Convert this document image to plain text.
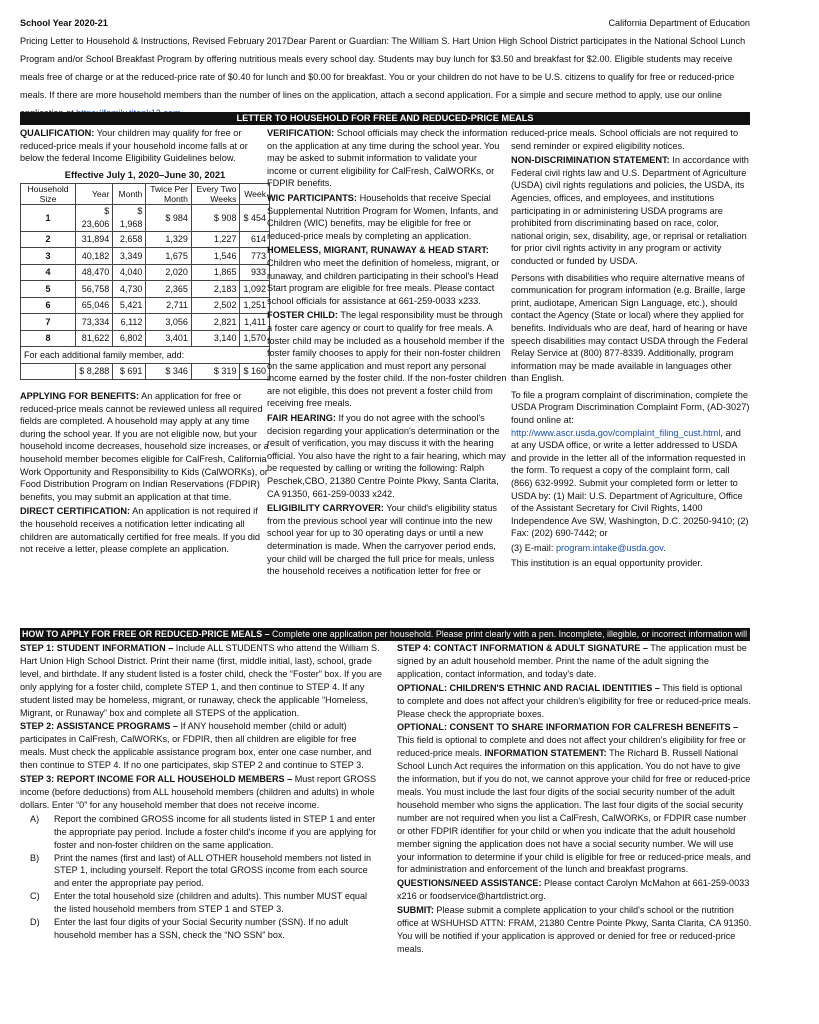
School Year 2020-21	California Department of Education

Pricing Letter to Household & Instructions, Revised February 2017Dear Parent or Guardian: The William S. Hart Union High School District participates in the National School Lunch Program and/or School Breakfast Program by offering nutritious meals every school day. Students may buy lunch for $3.50 and breakfast for $2.00. Eligible students may receive meals free of charge or at the reduced-price rate of $0.40 for lunch and $0.00 for breakfast. You or your children do not have to be U.S. citizens to qualify for free or reduced-price meals. If there are more household members than the number of lines on the application, attach a second application. For a simple and secure method to apply, use our online

LETTER TO HOUSEHOLD FOR FREE AND REDUCED-PRICE MEALS

QUALIFICATION: Your children may qualify for free or reduced-price meals if your household income falls at or below the federal Income Eligibility Guidelines below.

Effective July 1, 2020–June 30, 2021
Household Size	Year	Month	Twice Per Month	Every Two Weeks	Week
1	$ 23,606	$ 1,968	$ 984	$ 908	$ 454
2	31,894	2,658	1,329	1,227	614
3	40,182	3,349	1,675	1,546	773
4	48,470	4,040	2,020	1,865	933
5	56,758	4,730	2,365	2,183	1,092
6	65,046	5,421	2,711	2,502	1,251
7	73,334	6,112	3,056	2,821	1,411
8	81,622	6,802	3,401	3,140	1,570
For each additional family member, add:					
	$ 8,288	$ 691	$ 346	$ 319	$ 160

APPLYING FOR BENEFITS: An application for free or reduced-price meals cannot be reviewed unless all required fields are completed. A household may apply at any time during the school year. If you are not eligible now, but your household income decreases, household size increases, or a household member becomes eligible for CalFresh, California Work Opportunity and Responsibility to Kids (CalWORKs), or Food Distribution Program on Indian Reservations (FDPIR) benefits, you may submit an application at that time.

DIRECT CERTIFICATION: An application is not required if the household receives a notification letter indicating all children are automatically certified for free meals. If you did not receive a letter, please complete an application.

VERIFICATION: School officials may check the information on the application at any time during the school year. You may be asked to submit information to validate your income or current eligibility for CalFresh, CalWORKs, or FDPIR benefits.

WIC PARTICIPANTS: Households that receive Special Supplemental Nutrition Program for Women, Infants, and Children (WIC) benefits, may be eligible for free or reduced-price meals by completing an application.

HOMELESS, MIGRANT, RUNAWAY & HEAD START: Children who meet the definition of homeless, migrant, or runaway, and children participating in their school's Head Start program are eligible for free meals. Please contact school officials for assistance at 661-259-0033 x233.

FOSTER CHILD: The legal responsibility must be through a foster care agency or court to qualify for free meals. A foster child may be included as a household member if the foster family chooses to apply for their non-foster children on the same application and must report any personal income earned by the foster child. If the non-foster children are not eligible, this does not prevent a foster child from receiving free meals.

FAIR HEARING: If you do not agree with the school's decision regarding your application's determination or the result of verification, you may discuss it with the hearing official. You also have the right to a fair hearing, which may be requested by calling or writing the following: Ralph Peschek,CBO, 21380 Centre Pointe Pkwy, Santa Clarita, CA 91350, 661-259-0033 x242.

ELIGIBILITY CARRYOVER: Your child's eligibility status from the previous school year will continue into the new school year for up to 30 operating days or until a new determination is made. When the carryover period ends, your child will be charged the full price for meals, unless the household receives a notification letter for free or

reduced-price meals. School officials are not required to send reminder or expired eligibility notices.

NON-DISCRIMINATION STATEMENT: In accordance with Federal civil rights law and U.S. Department of Agriculture (USDA) civil rights regulations and policies, the USDA, its Agencies, offices, and employees, and institutions participating in or administering USDA programs are prohibited from discriminating based on race, color, national origin, sex, disability, age, or reprisal or retaliation for prior civil rights activity in any program or activity conducted or funded by USDA.

Persons with disabilities who require alternative means of communication for program information (e.g. Braille, large print, audiotape, American Sign Language, etc.), should contact the Agency (State or local) where they applied for benefits. Individuals who are deaf, hard of hearing or have speech disabilities may contact USDA through the Federal Relay Service at (800) 877-8339. Additionally, program information may be made available in languages other than English.

To file a program complaint of discrimination, complete the USDA Program Discrimination Complaint Form, (AD-3027) found online at: http://www.ascr.usda.gov/complaint_filing_cust.html, and at any USDA office, or write a letter addressed to USDA and provide in the letter all of the information requested in the form. To request a copy of the complaint form, call (866) 632-9992. Submit your completed form or letter to USDA by: (1) Mail: U.S. Department of Agriculture, Office of the Assistant Secretary for Civil Rights, 1400 Independence Ave SW, Washington, D.C. 20250-9410; (2) Fax: (202) 690-7442; or

(3) E-mail: program.intake@usda.gov.

This institution is an equal opportunity provider.

HOW TO APPLY FOR FREE OR REDUCED-PRICE MEALS – Complete one application per household. Please print clearly with a pen. Incomplete, illegible, or incorrect information will delay processing.

STEP 1: STUDENT INFORMATION – Include ALL STUDENTS who attend the William S. Hart Union High School District. Print their name (first, middle initial, last), school, grade level, and birthdate. If any student listed is a foster child, check the “Foster” box. If you are only applying for a foster child, complete STEP 1, and then continue to STEP 4. If any student listed may be homeless, migrant, or runaway, check the applicable “Homeless, Migrant, or Runaway” box and complete all STEPS of the application.

STEP 2: ASSISTANCE PROGRAMS – If ANY household member (child or adult) participates in CalFresh, CalWORKs, or FDPIR, then all children are eligible for free meals. Must check the applicable assistance program box, enter one case number, and then continue to STEP 4. If no one participates, skip STEP 2 and continue to STEP 3.

STEP 3: REPORT INCOME FOR ALL HOUSEHOLD MEMBERS – Must report GROSS income (before deductions) from ALL household members (children and adults) in whole dollars. Enter “0” for any household member that does not receive income.

A)	Report the combined GROSS income for all students listed in STEP 1 and enter the appropriate pay period. Include a foster child's income if you are applying for foster and non-foster children on the same application.
B)	Print the names (first and last) of ALL OTHER household members not listed in STEP 1, including yourself. Report the total GROSS income from each source and enter the appropriate pay period.
C)	Enter the total household size (children and adults). This number MUST equal the listed household members from STEP 1 and STEP 3.
D)	Enter the last four digits of your Social Security number (SSN). If no adult household member has a SSN, check the “NO SSN” box.

STEP 4: CONTACT INFORMATION & ADULT SIGNATURE – The application must be signed by an adult household member. Print the name of the adult signing the application, contact information, and today's date.

OPTIONAL: CHILDREN'S ETHNIC AND RACIAL IDENTITIES – This field is optional to complete and does not affect your children's eligibility for free or reduced-price meals. Please check the appropriate boxes.

OPTIONAL: CONSENT TO SHARE INFORMATION FOR CALFRESH BENEFITS – This field is optional to complete and does not affect your children's eligibility for free or reduced-price meals. INFORMATION STATEMENT: The Richard B. Russell National School Lunch Act requires the information on this application. You do not have to give the information, but if you do not, we cannot approve your child for free or reduced-price meals. You must include the last four digits of the social security number of the adult household member who signs the application. The last four digits of the social security number are not required when you list a CalFresh, CalWORKs, or FDPIR case number or other FDPIR identifier for your child or when you indicate that the adult household member signing the application does not have a social security number. We will use your information to determine if your child is eligible for free or reduced-price meals, and for administration and enforcement of the lunch and breakfast programs.

QUESTIONS/NEED ASSISTANCE: Please contact Carolyn McMahon at 661-259-0033 x216 or foodservice@hartdistrict.org.

SUBMIT: Please submit a complete application to your child's school or the nutrition office at WSHUHSD ATTN: FRAM, 21380 Centre Pointe Pkwy, Santa Clarita, CA 91350. You will be notified if your application is approved or denied for free or reduced-price meals.
